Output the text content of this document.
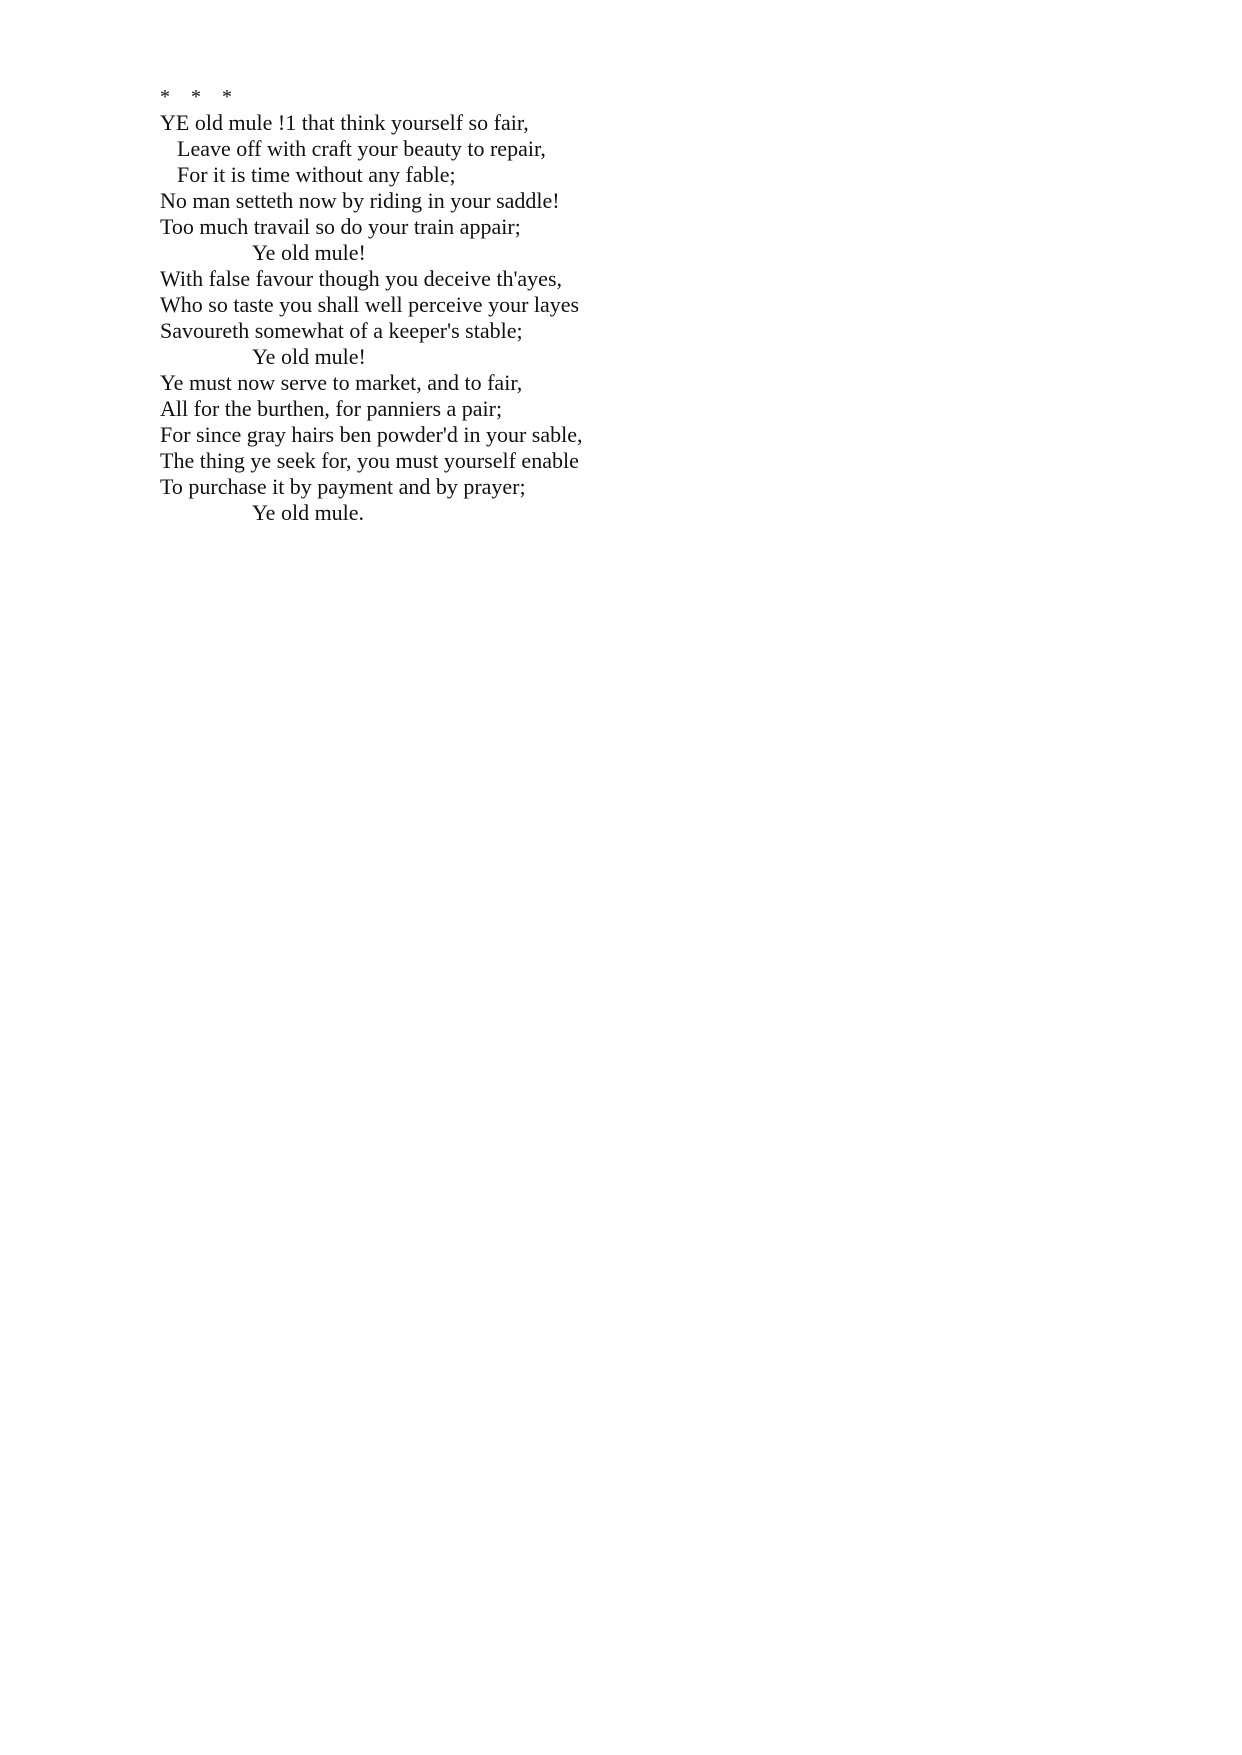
* * *
YE old mule !1 that think yourself so fair,
Leave off with craft your beauty to repair,
For it is time without any fable;
No man setteth now by riding in your saddle!
Too much travail so do your train appair;
Ye old mule!
With false favour though you deceive th'ayes,
Who so taste you shall well perceive your layes
Savoureth somewhat of a keeper's stable;
Ye old mule!
Ye must now serve to market, and to fair,
All for the burthen, for panniers a pair;
For since gray hairs ben powder'd in your sable,
The thing ye seek for, you must yourself enable
To purchase it by payment and by prayer;
Ye old mule.
